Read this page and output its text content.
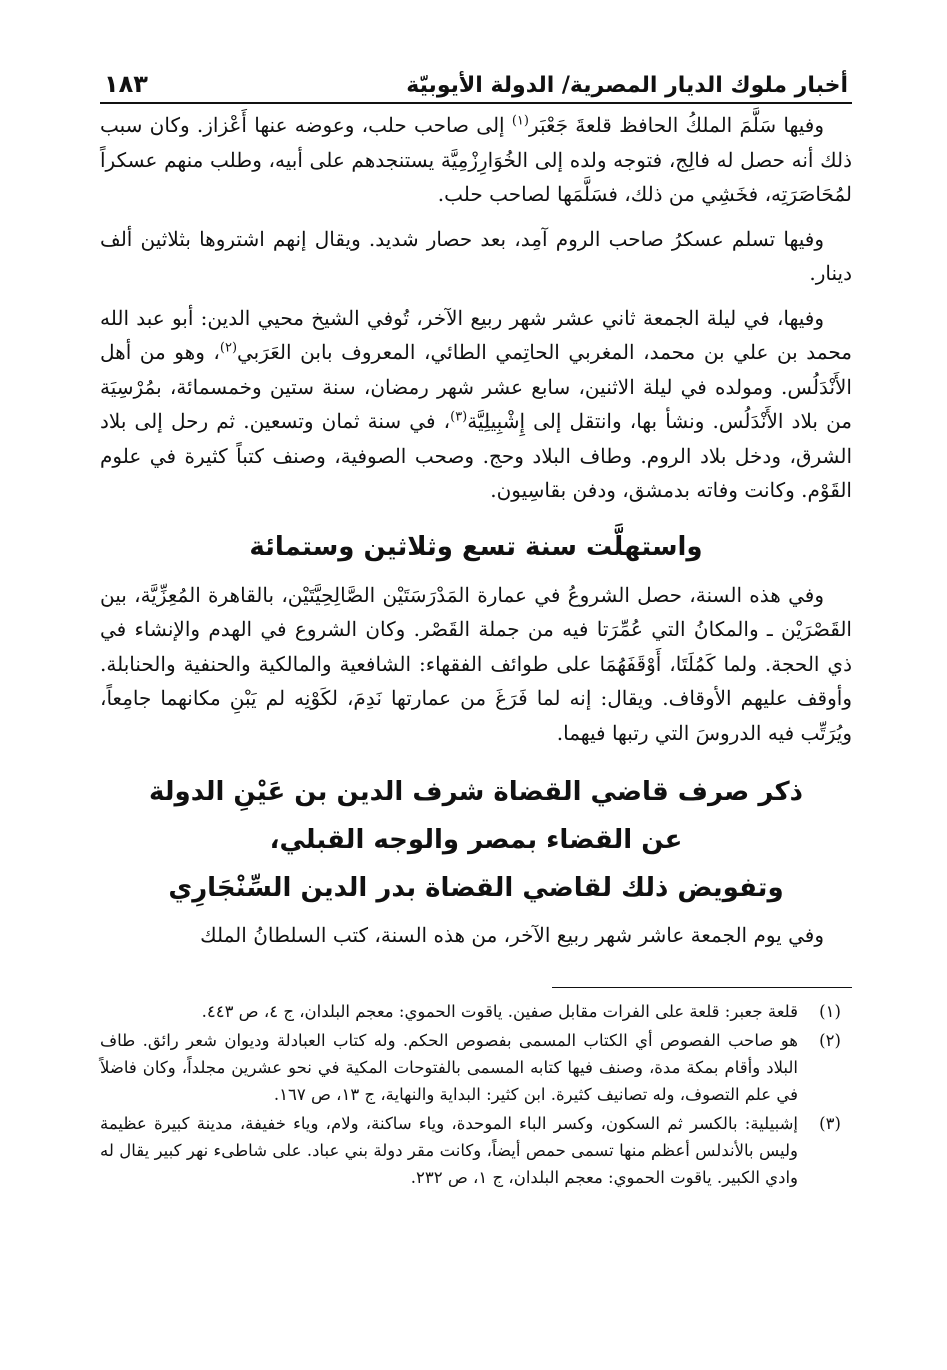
أخبار ملوك الديار المصرية/ الدولة الأيوبيّة
١٨٣

وفيها سَلَّمَ الملكُ الحافظ قلعةَ جَعْبَر$^{(١)}$ إلى صاحب حلب، وعوضه عنها أَعْزاز. وكان سبب ذلك أنه حصل له فالِج، فتوجه ولده إلى الخُوَارِزْمِيَّة يستنجدهم على أبيه، وطلب منهم عسكراً لمُحَاصَرَتِه، فخَشِي من ذلك، فسَلَّمَها لصاحب حلب.

وفيها تسلم عسكرُ صاحب الروم آمِد، بعد حصار شديد. ويقال إنهم اشتروها بثلاثين ألف دينار.

وفيها، في ليلة الجمعة ثاني عشر شهر ربيع الآخر، تُوفي الشيخ محيي الدين: أبو عبد الله محمد بن علي بن محمد، المغربي الحاتِمي الطائي، المعروف بابن العَرَبي$^{(٢)}$، وهو من أهل الأَنْدَلُس. ومولده في ليلة الاثنين، سابع عشر شهر رمضان، سنة ستين وخمسمائة، بمُرْسِيَة من بلاد الأَنْدَلُس. ونشأ بها، وانتقل إلى إِشْبِيلِيَّة$^{(٣)}$، في سنة ثمان وتسعين. ثم رحل إلى بلاد الشرق، ودخل بلاد الروم. وطاف البلاد وحج. وصحب الصوفية، وصنف كتباً كثيرة في علوم القَوْم. وكانت وفاته بدمشق، ودفن بقاسِيون.

واستهلَّت سنة تسع وثلاثين وستمائة

وفي هذه السنة، حصل الشروعُ في عمارة المَدْرَسَتَيْن الصَّالِحِيَّتَيْن، بالقاهرة المُعِزِّيَّة، بين القَصْرَيْن ـ والمكانُ التي عُمِّرَتا فيه من جملة القَصْر. وكان الشروع في الهدم والإنشاء في ذي الحجة. ولما كَمُلَتَا، أَوْقَفَهُمَا على طوائف الفقهاء: الشافعية والمالكية والحنفية والحنابلة. وأوقف عليهم الأوقاف. ويقال: إنه لما فَرَغَ من عمارتها نَدِمَ، لكَوْنِه لم يَبْنِ مكانهما جامِعاً، ويُرَتِّب فيه الدروسَ التي رتبها فيهما.

ذكر صرف قاضي القضاة شرف الدين بن عَيْنِ الدولة
عن القضاء بمصر والوجه القبلي،
وتفويض ذلك لقاضي القضاة بدر الدين السِّنْجَارِي

وفي يوم الجمعة عاشر شهر ربيع الآخر، من هذه السنة، كتب السلطانُ الملك

(١)
قلعة جعبر: قلعة على الفرات مقابل صفين. ياقوت الحموي: معجم البلدان، ج ٤، ص ٤٤٣.
(٢)
هو صاحب الفصوص أي الكتاب المسمى بفصوص الحكم. وله كتاب العبادلة وديوان شعر رائق. طاف البلاد وأقام بمكة مدة، وصنف فيها كتابه المسمى بالفتوحات المكية في نحو عشرين مجلداً، وكان فاضلاً في علم التصوف، وله تصانيف كثيرة. ابن كثير: البداية والنهاية، ج ١٣، ص ١٦٧.
(٣)
إشبيلية: بالكسر ثم السكون، وكسر الباء الموحدة، وياء ساكنة، ولام، وياء خفيفة، مدينة كبيرة عظيمة وليس بالأندلس أعظم منها تسمى حمص أيضاً، وكانت مقر دولة بني عباد. على شاطىء نهر كبير يقال له وادي الكبير. ياقوت الحموي: معجم البلدان، ج ١، ص ٢٣٢.
